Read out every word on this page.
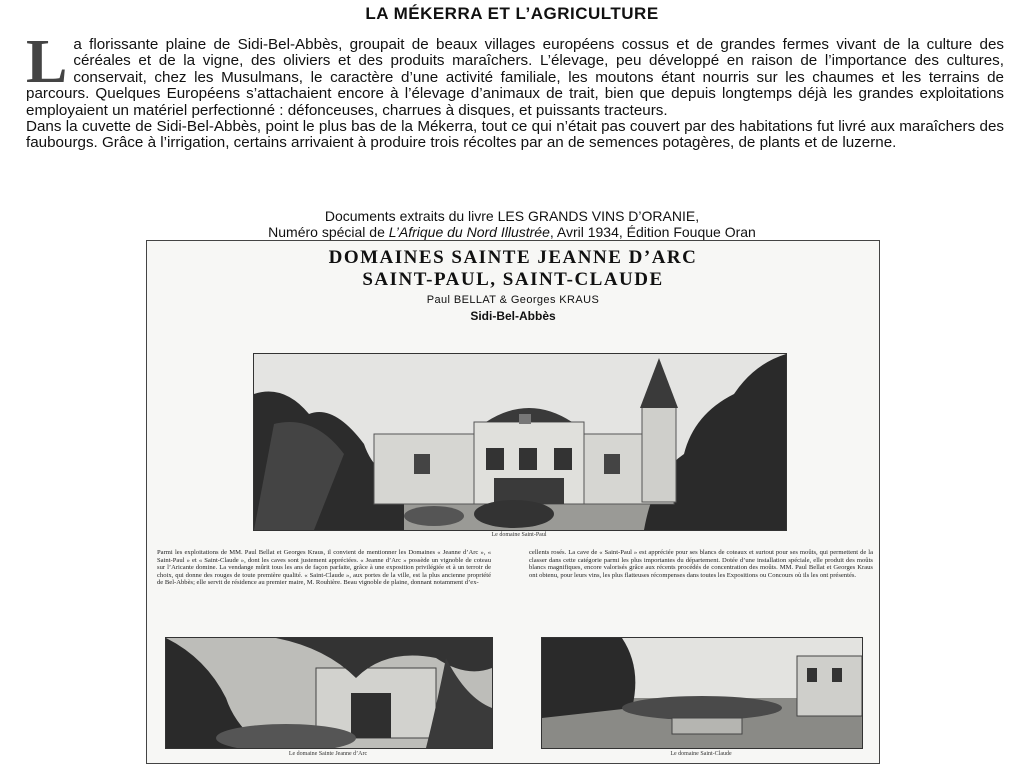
LA MÉKERRA ET L’AGRICULTURE
L a florissante plaine de Sidi-Bel-Abbès, groupait de beaux villages européens cossus et de grandes fermes vivant de la culture des céréales et de la vigne, des oliviers et des produits maraîchers. L’élevage, peu développé en raison de l’importance des cultures, conservait, chez les Musulmans, le caractère d’une activité familiale, les moutons étant nourris sur les chaumes et les terrains de parcours. Quelques Européens s’attachaient encore à l’élevage d’animaux de trait, bien que depuis longtemps déjà les grandes exploitations employaient un matériel perfectionné : défonceuses, charrues à disques, et puissants tracteurs.

Dans la cuvette de Sidi-Bel-Abbès, point le plus bas de la Mékerra, tout ce qui n’était pas couvert par des habitations fut livré aux maraîchers des faubourgs. Grâce à l’irrigation, certains arrivaient à produire trois récoltes par an de semences potagères, de plants et de luzerne.

Documents extraits du livre LES GRANDS VINS D’ORANIE,
Numéro spécial de L’Afrique du Nord Illustrée, Avril 1934, Édition Fouque Oran
DOMAINES SAINTE JEANNE D’ARC
SAINT-PAUL, SAINT-CLAUDE
Paul BELLAT & Georges KRAUS
Sidi-Bel-Abbès
Le domaine Saint-Paul
Parmi les exploitations de MM. Paul Bellat et Georges Kraus, il convient de mentionner les Domaines « Jeanne d’Arc », « Saint-Paul » et « Saint-Claude », dont les caves sont justement appréciées. « Jeanne d’Arc » possède un vignoble de coteau sur l’Aricante domine. La vendange mûrit tous les ans de façon parfaite, grâce à une exposition privilégiée et à un terroir de choix, qui donne des rouges de toute première qualité. « Saint-Claude », aux portes de la ville, est la plus ancienne propriété de Bel-Abbès; elle servit de résidence au premier maire, M. Rouhière. Beau vignoble de plaine, donnant notamment d’ex-
cellents rosés. La cave de « Saint-Paul » est appréciée pour ses blancs de coteaux et surtout pour ses moûts, qui permettent de la classer dans cette catégorie parmi les plus importantes du département. Dotée d’une installation spéciale, elle produit des moûts blancs magnifiques, encore valorisés grâce aux récents procédés de concentration des moûts. MM. Paul Bellat et Georges Kraus ont obtenu, pour leurs vins, les plus flatteuses récompenses dans toutes les Expositions ou Concours où ils les ont présentés.
Le domaine Sainte Jeanne d’Arc	Le domaine Saint-Claude
